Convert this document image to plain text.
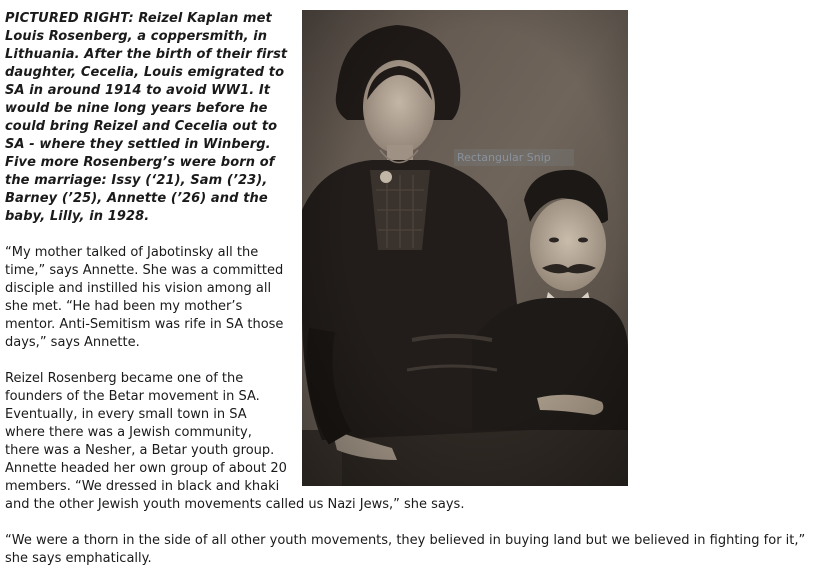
Rectangular Snip

PICTURED RIGHT: Reizel Kaplan met Louis Rosenberg, a coppersmith, in Lithuania. After the birth of their first daughter, Cecelia, Louis emigrated to SA in around 1914 to avoid WW1. It would be nine long years before he could bring Reizel and Cecelia out to SA - where they settled in Winberg. Five more Rosenberg’s were born of the marriage: Issy (‘21), Sam (’23), Barney (’25), Annette (’26) and the baby, Lilly, in 1928.

“My mother talked of Jabotinsky all the time,” says Annette. She was a committed disciple and instilled his vision among all she met. “He had been my mother’s mentor. Anti-Semitism was rife in SA those days,” says Annette.

Reizel Rosenberg became one of the founders of the Betar movement in SA. Eventually, in every small town in SA where there was a Jewish community, there was a Nesher, a Betar youth group. Annette headed her own group of about 20 members. “We dressed in black and khaki and the other Jewish youth movements called us Nazi Jews,” she says.

“We were a thorn in the side of all other youth movements, they believed in buying land but we believed in fighting for it,” she says emphatically.
